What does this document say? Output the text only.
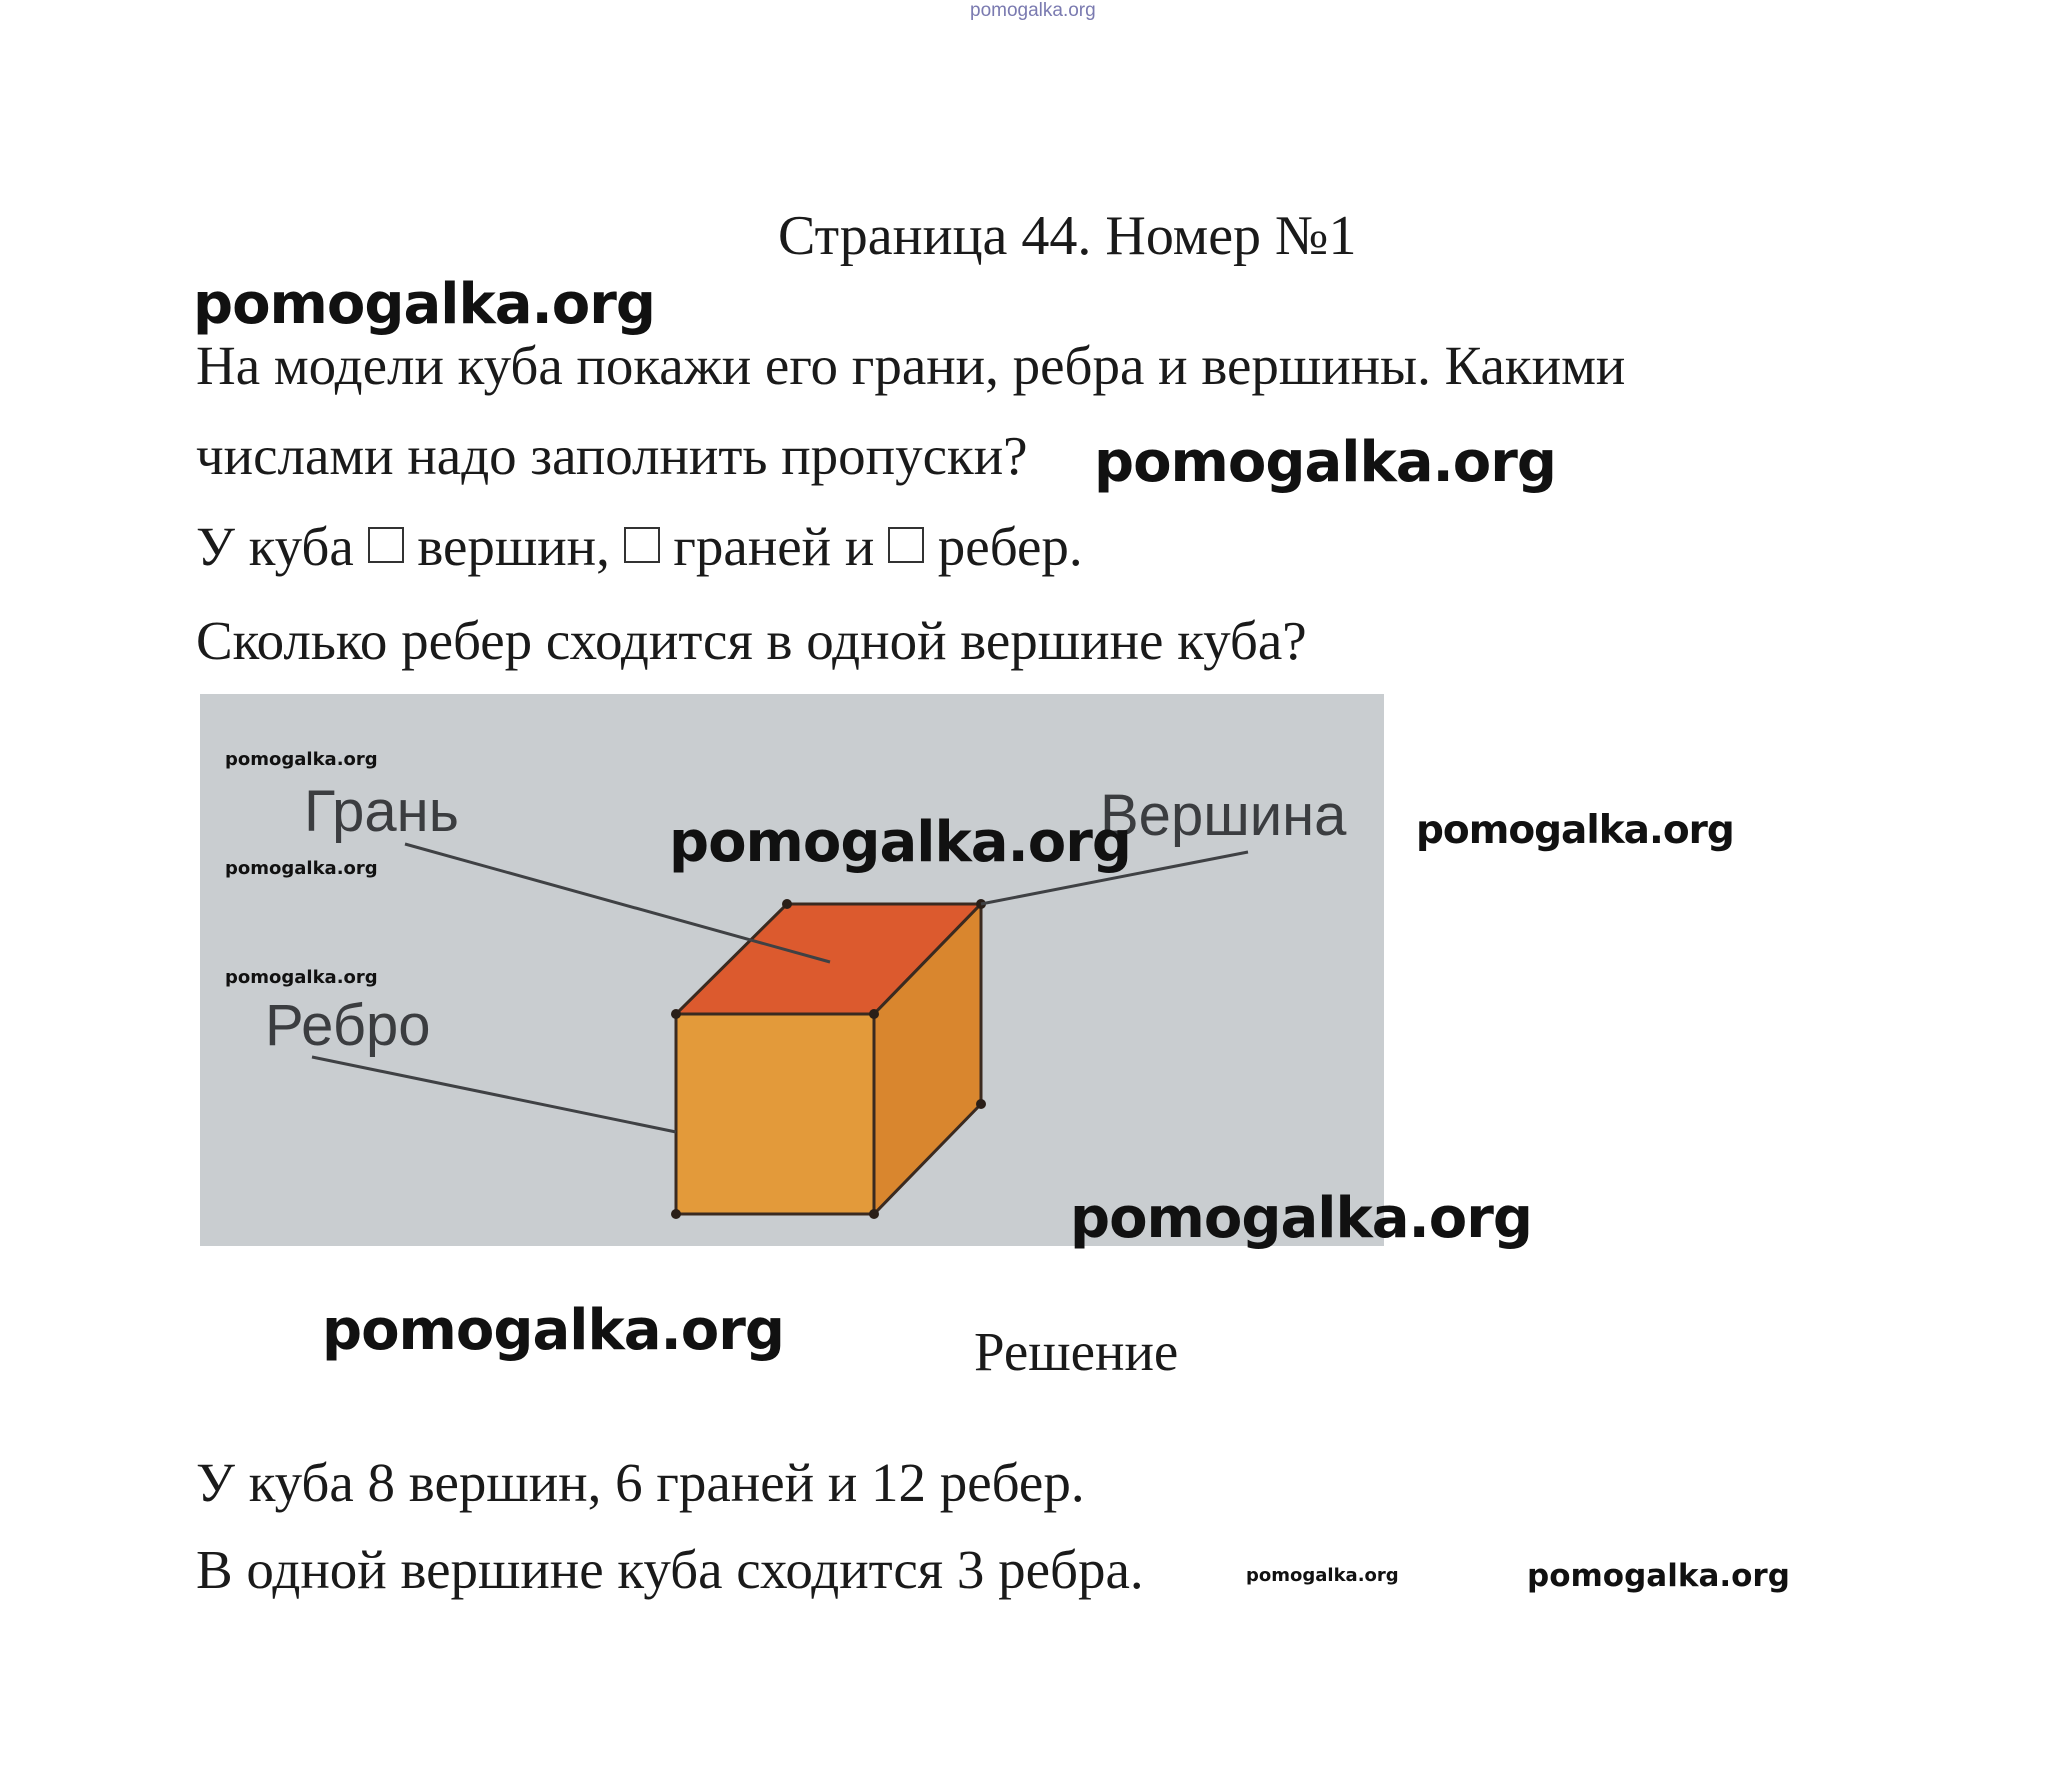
pomogalka.org
Страница 44. Номер №1
pomogalka.org
На модели куба покажи его грани, ребра и вершины. Какими
числами надо заполнить пропуски? pomogalka.org
У куба вершин, граней и ребер.
Сколько ребер сходится в одной вершине куба?
Грань	Вершина
Ребро
pomogalka.org
pomogalka.org
pomogalka.org
pomogalka.org	pomogalka.org
pomogalka.org
pomogalka.org	Решение
У куба 8 вершин, 6 граней и 12 ребер.
В одной вершине куба сходится 3 ребра.	pomogalka.org	pomogalka.org
